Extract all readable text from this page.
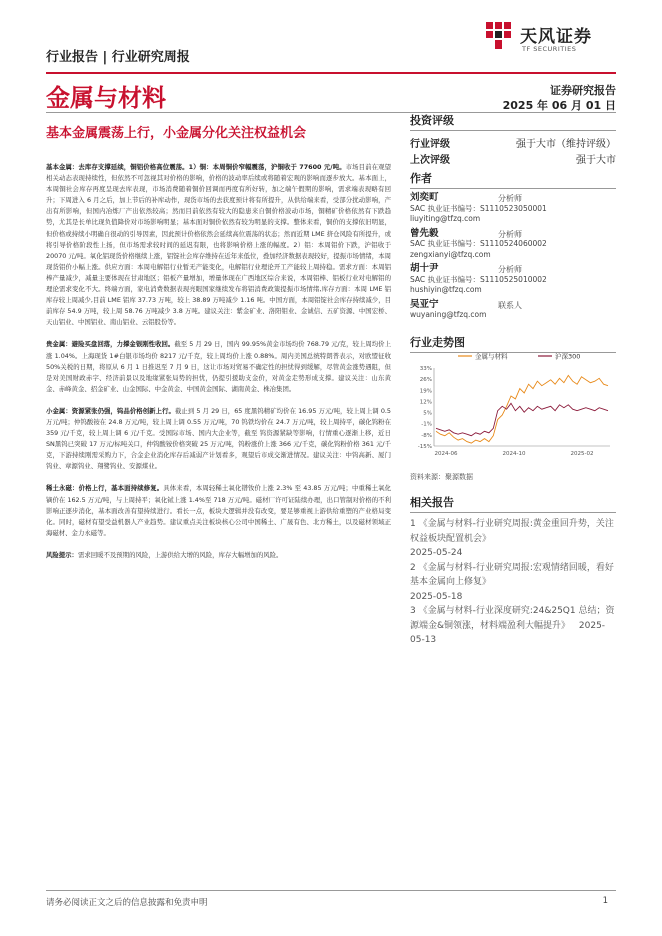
行业报告 | 行业研究周报
天风证券
TF SECURITIES
金属与材料	证券研究报告
2025 年 06 月 01 日
基本金属震荡上行，小金属分化关注权益机会
基本金属：去库存支撑延续，铜铝价格高位震荡。1）铜：本周铜价窄幅震荡，沪铜收于 77600 元/吨。市场目前在观望相关动态表现持续性，但依然不可忽视其对价格的影响，价格的波动率后续或将随着宏观的影响而逐步放大。基本面上，本周铜社会库存再度呈现去库表现，市场消费随着铜价回调而再度有所好转，加之端午假期的影响，需求端表现略有回升；下周进入 6 月之后，加上节后的补库动作，现货市场的去获度预计将有所提升，从供给端来看，受部分扰动影响，产出有所影响，但国内冶炼厂产出依然较高；然而目前依然有较大的隐患来自铜价格波动市场，铜精矿价格依然有下跌趋势，尤其是长单比现负值降价对市场影响明显；基本面对铜价依然有较为明显的支撑。整体来看，铜价的支撑依旧明显，但价格或持续小明确自很动的引导因素，因此预计价格依然会延续高位震荡的状态；然而近期 LME 挤仓风险有所提升，或将引导价格阶段性上扬，但市场需求较时间的延迟有限，也将影响价格上涨的幅度。2）铝：本周铝价下跌，沪铝收于 20070 元/吨。氧化铝现货价格继续上涨，铝锭社会库存维持在近年来低位，叠加经济数据表现较好，提振市场情绪，本周现货铝价小幅上涨。供应方面：本周电解铝行业暂无产能变化，电解铝行业理论开工产能较上周持稳。需求方面：本周铝棒产量减少，减量主要体现在甘肃地区；铝板产量增加，增量体现在广西地区综合来说，本周铝棒、铝板行业对电解铝的理论需求变化不大。终端方面，家电消费数据表现亮眼国家继续发布将铝消费政策提振市场情绪,库存方面：本周 LME 铝库存较上周减少,目前 LME 铝库 37.73 万吨，较上 38.89 万吨减少 1.16 吨。中国方面，本周铝锭社会库存持续减少，目前库存 54.9 万吨，较上周 58.76 万吨减少 3.8 万吨。建议关注：紫金矿业、洛阳钼业、金诚信、五矿资源、中国宏桥、天山铝业、中国铝业、南山铝业、云铝股份等。
贵金属：避险买盘回落，力撑金银刚性收回。截至 5 月 29 日，国内 99.95%黄金市场均价 768.79 元/克，较上周均价上涨 1.04%。上海现货 1#白银市场均价 8217 元/千克，较上周均价上涨 0.88%。周内美国总统特朗普表示，对欧盟征收 50%关税的日期，将原从 6 月 1 日推迟至 7 月 9 日，这让市场对贸易不确定性的担忧得到缓解，尽管黄金涨势遇阻，但是对美国财政赤字、经济前景以及地缘紧张局势的担忧，仍提引援助支金价，对黄金走势形成支撑。建议关注：山东黄金、赤峰黄金、招金矿业、山金国际、中金黄金、中国黄金国际、湖南黄金、株冶集团。
小金属：资源紧张仍强，钨品价格创新上行。截止到 5 月 29 日，65 度黑钨精矿均价在 16.95 万元/吨，较上周上调 0.5 万元/吨；仲钨酸铵在 24.8 万元/吨，较上周上调 0.55 万元/吨，70 钨铁均价在 24.7 万元/吨，较上周持平，碳化钨粉在 359 元/千克，较上周上调 6 元/千克。受国际市场、国内大企业等，截至 钨资源紧缺等影响，行情重心逐渐上移，近日 SN黑钨已突破 17 万元/标吨关口，仲钨酸铵价格突破 25 万元/吨，钨粉涨价上涨 366 元/千克，碳化钨粉价格 361 元/千克，下游持续刚需采购力下，合金企业消化库存后减弱产计划看多，观望后市成交渐进情况。建议关注：中钨高新、厦门钨业、章源钨业、翔鹭钨业、安源煤业。
稀土永磁：价格上行，基本面持续修复。具体来看，本周轻稀土氧化镨钕价上涨 2.3% 至 43.85 万元/吨；中重稀土氧化镝价在 162.5 万元/吨，与上周持平；氧化铽上涨 1.4%至 718 万元/吨。磁材厂许可证陆续办理，出口管制对价格的不利影响正逐步消化，基本面改善有望持续进行。看长一点，板块大逻辑并没有改变，要足够重视上游供给重塑的产业格局变化。同时，磁材有望受益机器人产业趋势。建议重点关注板块核心公司中国稀土、广晟有色、北方稀土，以及磁材领域正海磁材、金力永磁等。
风险提示：需求回暖不及预期的风险，上游供给大增的风险，库存大幅增加的风险。
投资评级
行业评级	强于大市（维持评级）
上次评级	强于大市
作者
刘奕町	分析师
SAC 执业证书编号：S1110523050001
liuyiting@tfzq.com
曾先毅	分析师
SAC 执业证书编号：S1110524060002
zengxianyi@tfzq.com
胡十尹	分析师
SAC 执业证书编号：S1110525010002
hushiyin@tfzq.com
吴亚宁	联系人
wuyaning@tfzq.com
行业走势图
33%
26%
19%
12%
5%
-1%
-8%
-15%
2024-06	2024-10	2025-02
金属与材料	沪深300
资料来源：聚源数据
相关报告
1 《金属与材料-行业研究周报:黄金重回升势，关注权益板块配置机会》
2025-05-24
2 《金属与材料-行业研究周报:宏观情绪回暖，看好基本金属向上修复》
2025-05-18
3 《金属与材料-行业深度研究:24&25Q1 总结；资源端金&铜领涨，材料端盈利大幅提升》 2025-05-13
请务必阅读正文之后的信息披露和免责申明	1
